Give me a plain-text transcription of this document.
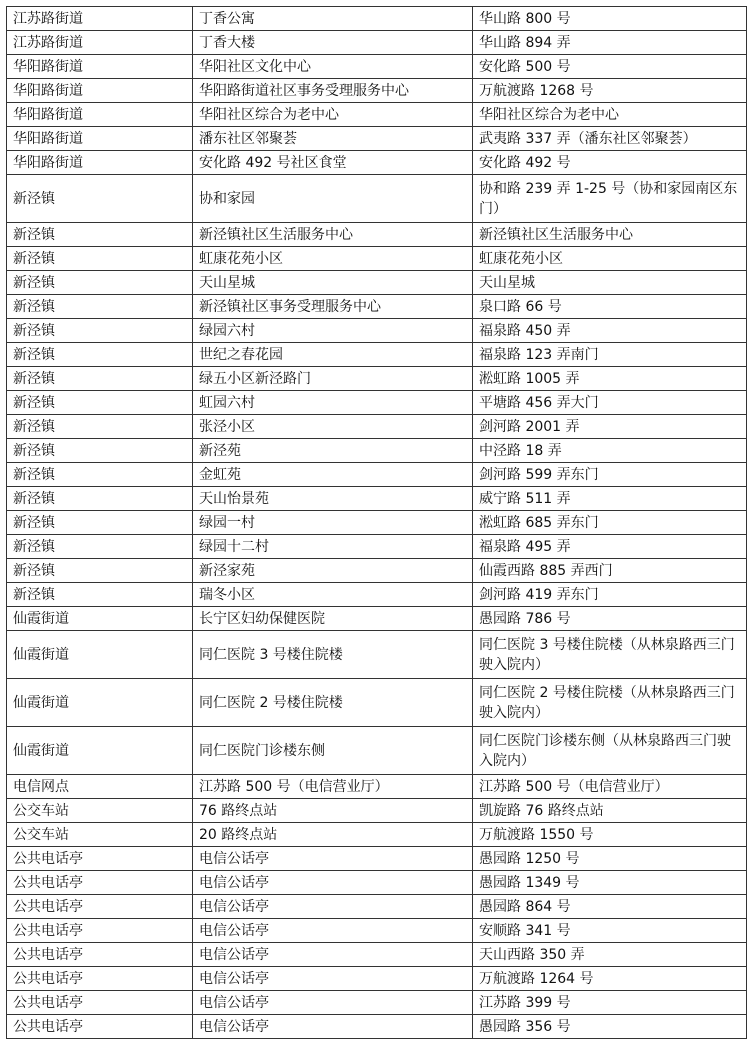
江苏路街道	丁香公寓	华山路 800 号
江苏路街道	丁香大楼	华山路 894 弄
华阳路街道	华阳社区文化中心	安化路 500 号
华阳路街道	华阳路街道社区事务受理服务中心	万航渡路 1268 号
华阳路街道	华阳社区综合为老中心	华阳社区综合为老中心
华阳路街道	潘东社区邻聚荟	武夷路 337 弄（潘东社区邻聚荟）
华阳路街道	安化路 492 号社区食堂	安化路 492 号
新泾镇	协和家园	协和路 239 弄 1-25 号（协和家园南区东门）
新泾镇	新泾镇社区生活服务中心	新泾镇社区生活服务中心
新泾镇	虹康花苑小区	虹康花苑小区
新泾镇	天山星城	天山星城
新泾镇	新泾镇社区事务受理服务中心	泉口路 66 号
新泾镇	绿园六村	福泉路 450 弄
新泾镇	世纪之春花园	福泉路 123 弄南门
新泾镇	绿五小区新泾路门	淞虹路 1005 弄
新泾镇	虹园六村	平塘路 456 弄大门
新泾镇	张泾小区	剑河路 2001 弄
新泾镇	新泾苑	中泾路 18 弄
新泾镇	金虹苑	剑河路 599 弄东门
新泾镇	天山怡景苑	威宁路 511 弄
新泾镇	绿园一村	淞虹路 685 弄东门
新泾镇	绿园十二村	福泉路 495 弄
新泾镇	新泾家苑	仙霞西路 885 弄西门
新泾镇	瑞冬小区	剑河路 419 弄东门
仙霞街道	长宁区妇幼保健医院	愚园路 786 号
仙霞街道	同仁医院 3 号楼住院楼	同仁医院 3 号楼住院楼（从林泉路西三门驶入院内）
仙霞街道	同仁医院 2 号楼住院楼	同仁医院 2 号楼住院楼（从林泉路西三门驶入院内）
仙霞街道	同仁医院门诊楼东侧	同仁医院门诊楼东侧（从林泉路西三门驶入院内）
电信网点	江苏路 500 号（电信营业厅）	江苏路 500 号（电信营业厅）
公交车站	76 路终点站	凯旋路 76 路终点站
公交车站	20 路终点站	万航渡路 1550 号
公共电话亭	电信公话亭	愚园路 1250 号
公共电话亭	电信公话亭	愚园路 1349 号
公共电话亭	电信公话亭	愚园路 864 号
公共电话亭	电信公话亭	安顺路 341 号
公共电话亭	电信公话亭	天山西路 350 弄
公共电话亭	电信公话亭	万航渡路 1264 号
公共电话亭	电信公话亭	江苏路 399 号
公共电话亭	电信公话亭	愚园路 356 号
